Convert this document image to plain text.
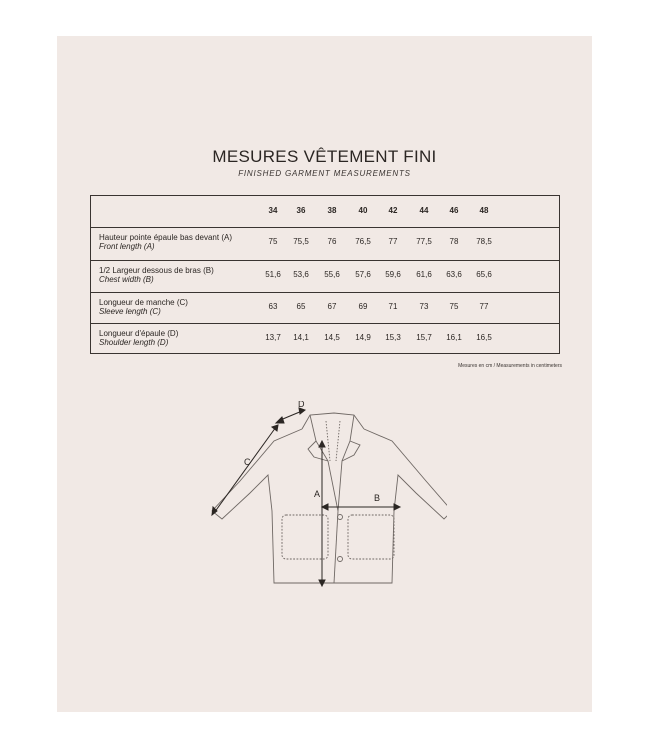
MESURES VÊTEMENT FINI
FINISHED GARMENT MEASUREMENTS
34 36	38	40	42	44	46	48
Hauteur pointe épaule bas devant (A)
Front length (A)
75 75,5 76 76,5 77 77,5 78 78,5
1/2 Largeur dessous de bras (B)
Chest width (B)
51,6 53,6 55,6 57,6 59,6 61,6 63,6 65,6
Longueur de manche (C)
Sleeve length (C)
63 65	67	69	71	73	75	77
Longueur d'épaule (D)
Shoulder length (D)
13,7 14,1 14,5 14,9 15,3 15,7 16,1 16,5
Mesures en cm / Measurements in centimeters
A	B
C
D
